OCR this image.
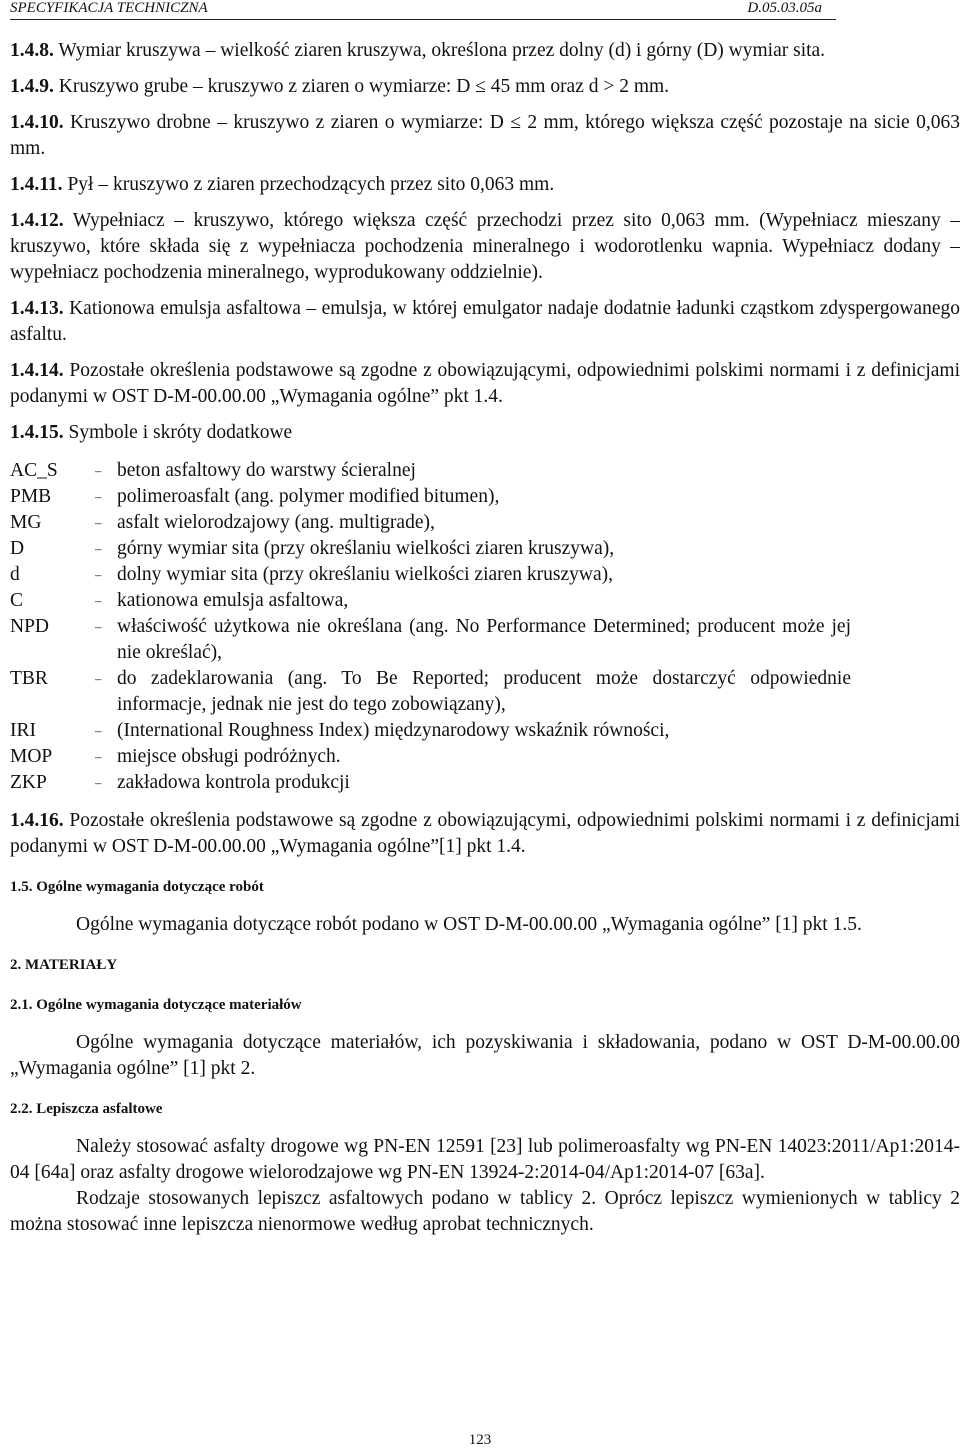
SPECYFIKACJA TECHNICZNA	D.05.03.05a

1.4.8. Wymiar kruszywa – wielkość ziaren kruszywa, określona przez dolny (d) i górny (D) wymiar sita.

1.4.9. Kruszywo grube – kruszywo z ziaren o wymiarze: D ≤ 45 mm oraz d > 2 mm.

1.4.10. Kruszywo drobne – kruszywo z ziaren o wymiarze: D ≤ 2 mm, którego większa część pozostaje na sicie 0,063 mm.

1.4.11. Pył – kruszywo z ziaren przechodzących przez sito 0,063 mm.

1.4.12. Wypełniacz – kruszywo, którego większa część przechodzi przez sito 0,063 mm. (Wypełniacz mieszany – kruszywo, które składa się z wypełniacza pochodzenia mineralnego i wodorotlenku wapnia. Wypełniacz dodany – wypełniacz pochodzenia mineralnego, wyprodukowany oddzielnie).

1.4.13. Kationowa emulsja asfaltowa – emulsja, w której emulgator nadaje dodatnie ładunki cząstkom zdyspergowanego asfaltu.

1.4.14. Pozostałe określenia podstawowe są zgodne z obowiązującymi, odpowiednimi polskimi normami i z definicjami podanymi w OST D-M-00.00.00 „Wymagania ogólne” pkt 1.4.

1.4.15. Symbole i skróty dodatkowe

AC_S	– beton asfaltowy do warstwy ścieralnej
PMB	– polimeroasfalt (ang. polymer modified bitumen),
MG	– asfalt wielorodzajowy (ang. multigrade),
D	– górny wymiar sita (przy określaniu wielkości ziaren kruszywa),
d	– dolny wymiar sita (przy określaniu wielkości ziaren kruszywa),
C	– kationowa emulsja asfaltowa,
NPD	– właściwość użytkowa nie określana (ang. No Performance Determined; producent może jej nie określać),
TBR	– do zadeklarowania (ang. To Be Reported; producent może dostarczyć odpowiednie informacje, jednak nie jest do tego zobowiązany),
IRI	– (International Roughness Index) międzynarodowy wskaźnik równości,
MOP	– miejsce obsługi podróżnych.
ZKP	– zakładowa kontrola produkcji

1.4.16. Pozostałe określenia podstawowe są zgodne z obowiązującymi, odpowiednimi polskimi normami i z definicjami podanymi w OST D-M-00.00.00 „Wymagania ogólne”[1] pkt 1.4.

1.5. Ogólne wymagania dotyczące robót

Ogólne wymagania dotyczące robót podano w OST D-M-00.00.00 „Wymagania ogólne” [1] pkt 1.5.

2. MATERIAŁY

2.1. Ogólne wymagania dotyczące materiałów

Ogólne wymagania dotyczące materiałów, ich pozyskiwania i składowania, podano w OST D-M-00.00.00 „Wymagania ogólne” [1] pkt 2.

2.2. Lepiszcza asfaltowe

Należy stosować asfalty drogowe wg PN-EN 12591 [23] lub polimeroasfalty wg PN-EN 14023:2011/Ap1:2014-04 [64a] oraz asfalty drogowe wielorodzajowe wg PN-EN 13924-2:2014-04/Ap1:2014-07 [63a].

Rodzaje stosowanych lepiszcz asfaltowych podano w tablicy 2. Oprócz lepiszcz wymienionych w tablicy 2 można stosować inne lepiszcza nienormowe według aprobat technicznych.

123
